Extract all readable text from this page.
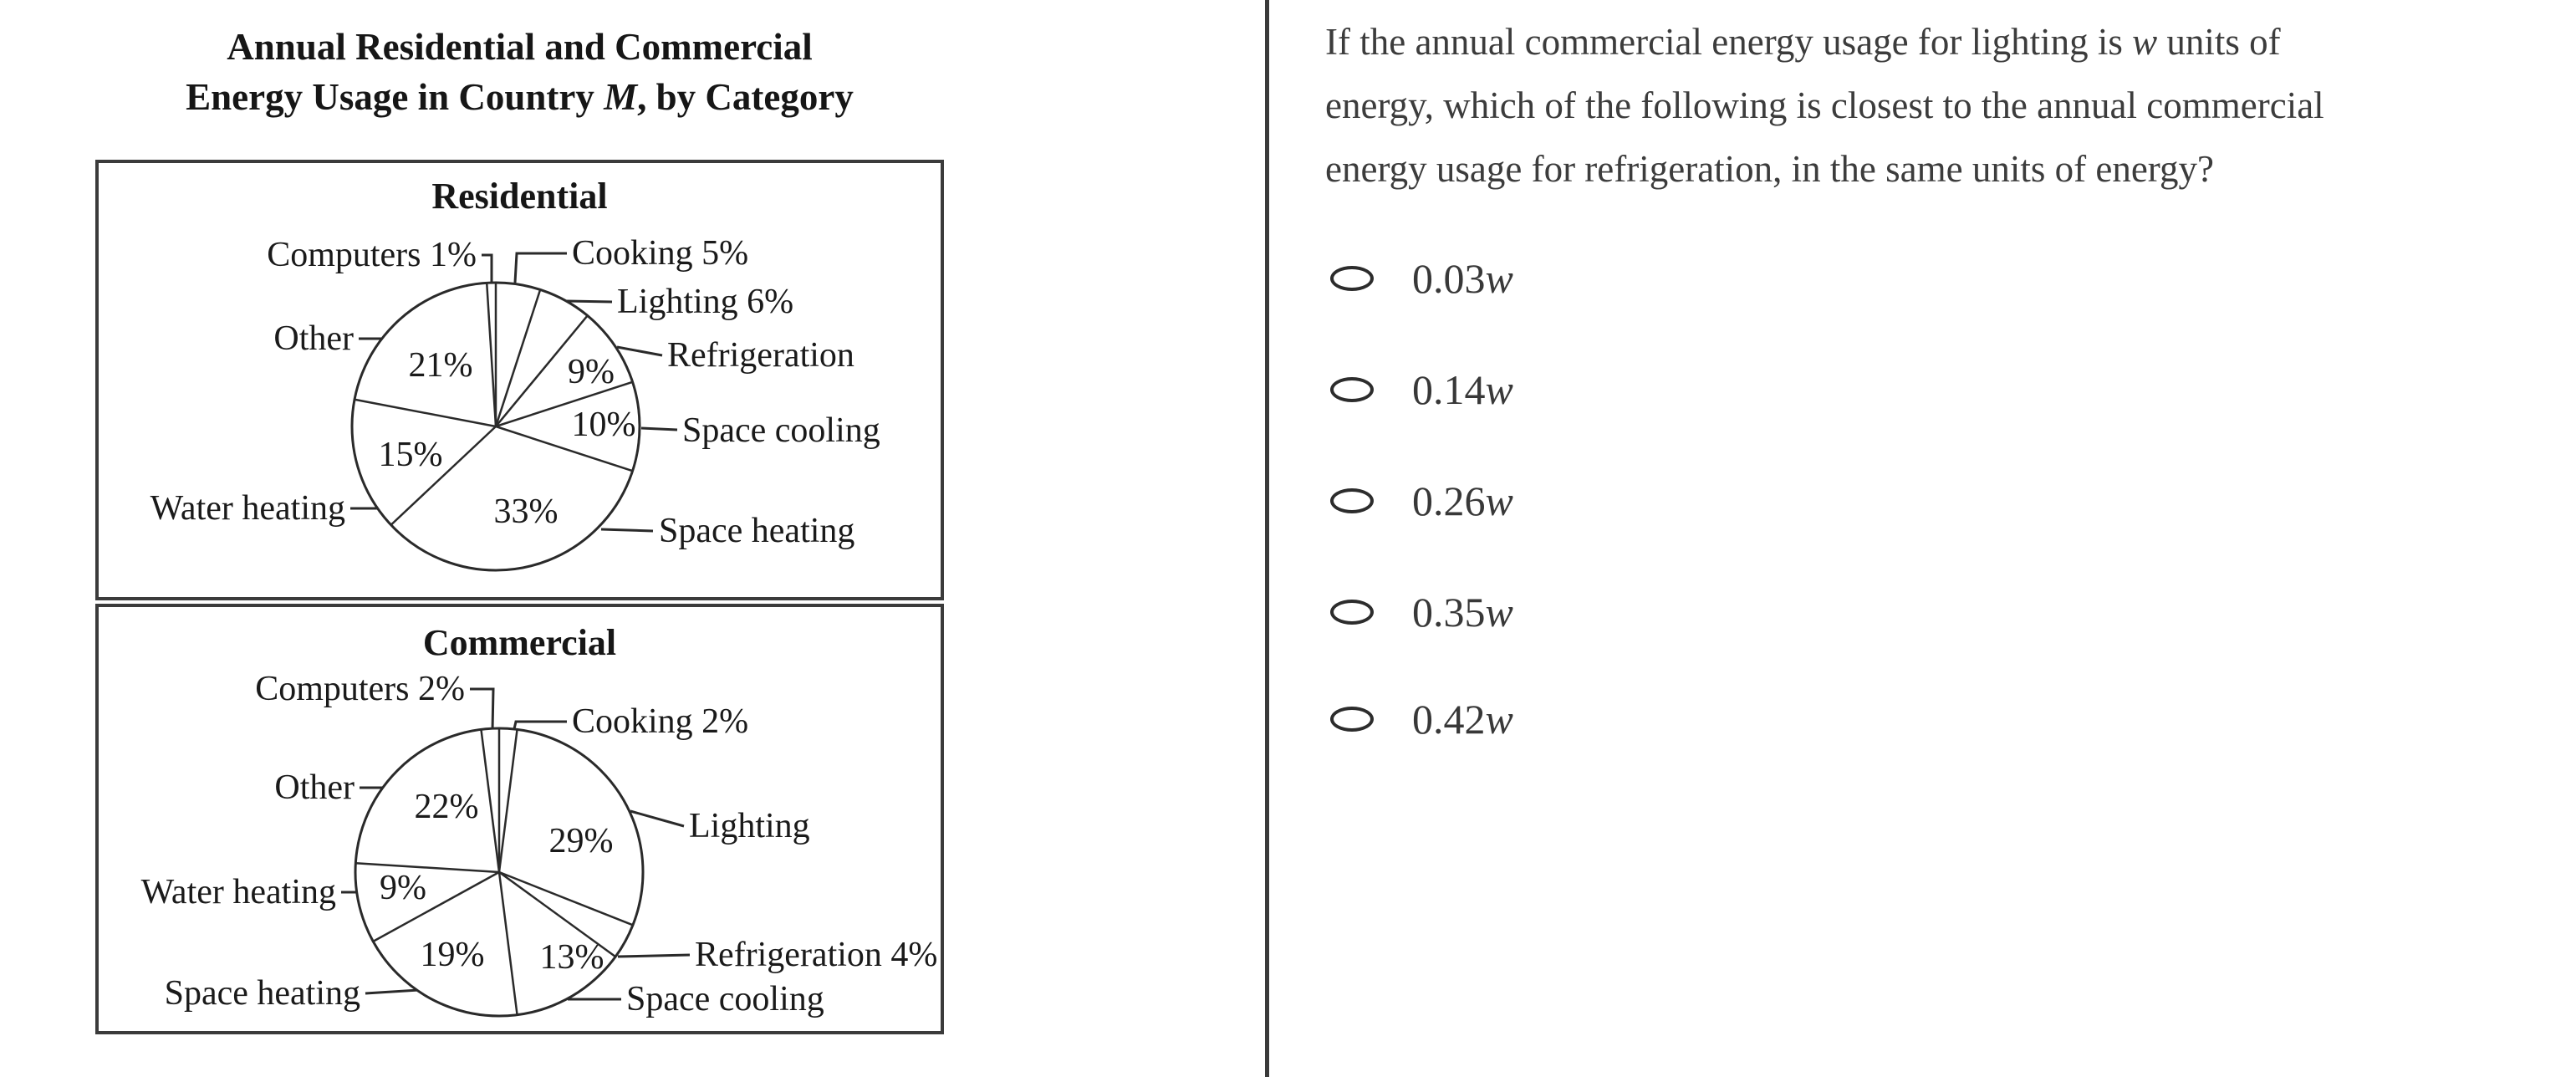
Annual Residential and Commercial
Energy Usage in Country M, by Category
Residential
9%
10%
33%
15%
21%
Cooking 5%
Lighting 6%
Refrigeration
Space cooling
Space heating
Water heating
Other
Computers 1%
Commercial
29%
13%
19%
9%
22%
Cooking 2%
Lighting
Refrigeration 4%
Space cooling
Space heating
Water heating
Other
Computers 2%
If the annual commercial energy usage for lighting is w units of
energy, which of the following is closest to the annual commercial
energy usage for refrigeration, in the same units of energy?
0.03w
0.14w
0.26w
0.35w
0.42w
